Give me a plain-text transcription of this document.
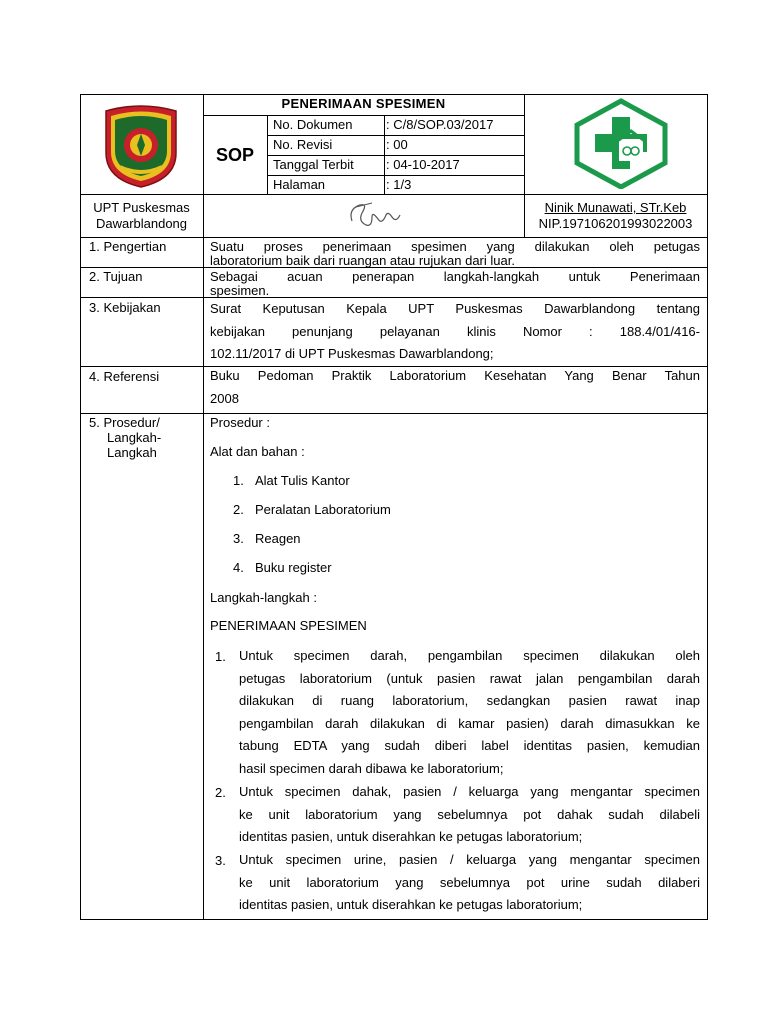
PENERIMAAN SPESIMEN
SOP
No. Dokumen	: C/8/SOP.03/2017
No. Revisi	: 00
Tanggal Terbit : 04-10-2017
Halaman	: 1/3
UPT Puskesmas
Dawarblandong
Ninik Munawati, STr.Keb
NIP.197106201993022003
1. Pengertian	Suatu proses penerimaan spesimen yang dilakukan oleh petugas
laboratorium baik dari ruangan atau rujukan dari luar.
2. Tujuan	Sebagai acuan penerapan langkah-langkah untuk Penerimaan
spesimen.
3. Kebijakan	Surat Keputusan Kepala UPT Puskesmas Dawarblandong tentang
kebijakan penunjang pelayanan klinis Nomor : 188.4/01/416-
102.11/2017 di UPT Puskesmas Dawarblandong;
4. Referensi	Buku Pedoman Praktik Laboratorium Kesehatan Yang Benar Tahun
2008
5. Prosedur/
Langkah-
Langkah
Prosedur :
Alat dan bahan :
1. Alat Tulis Kantor
2. Peralatan Laboratorium
3. Reagen
4. Buku register
Langkah-langkah :
PENERIMAAN SPESIMEN
1. Untuk specimen darah, pengambilan specimen dilakukan oleh
petugas laboratorium (untuk pasien rawat jalan pengambilan darah
dilakukan di ruang laboratorium, sedangkan pasien rawat inap
pengambilan darah dilakukan di kamar pasien) darah dimasukkan ke
tabung EDTA yang sudah diberi label identitas pasien, kemudian
hasil specimen darah dibawa ke laboratorium;
2. Untuk specimen dahak, pasien / keluarga yang mengantar specimen
ke unit laboratorium yang sebelumnya pot dahak sudah dilabeli
identitas pasien, untuk diserahkan ke petugas laboratorium;
3. Untuk specimen urine, pasien / keluarga yang mengantar specimen
ke unit laboratorium yang sebelumnya pot urine sudah dilaberi
identitas pasien, untuk diserahkan ke petugas laboratorium;
